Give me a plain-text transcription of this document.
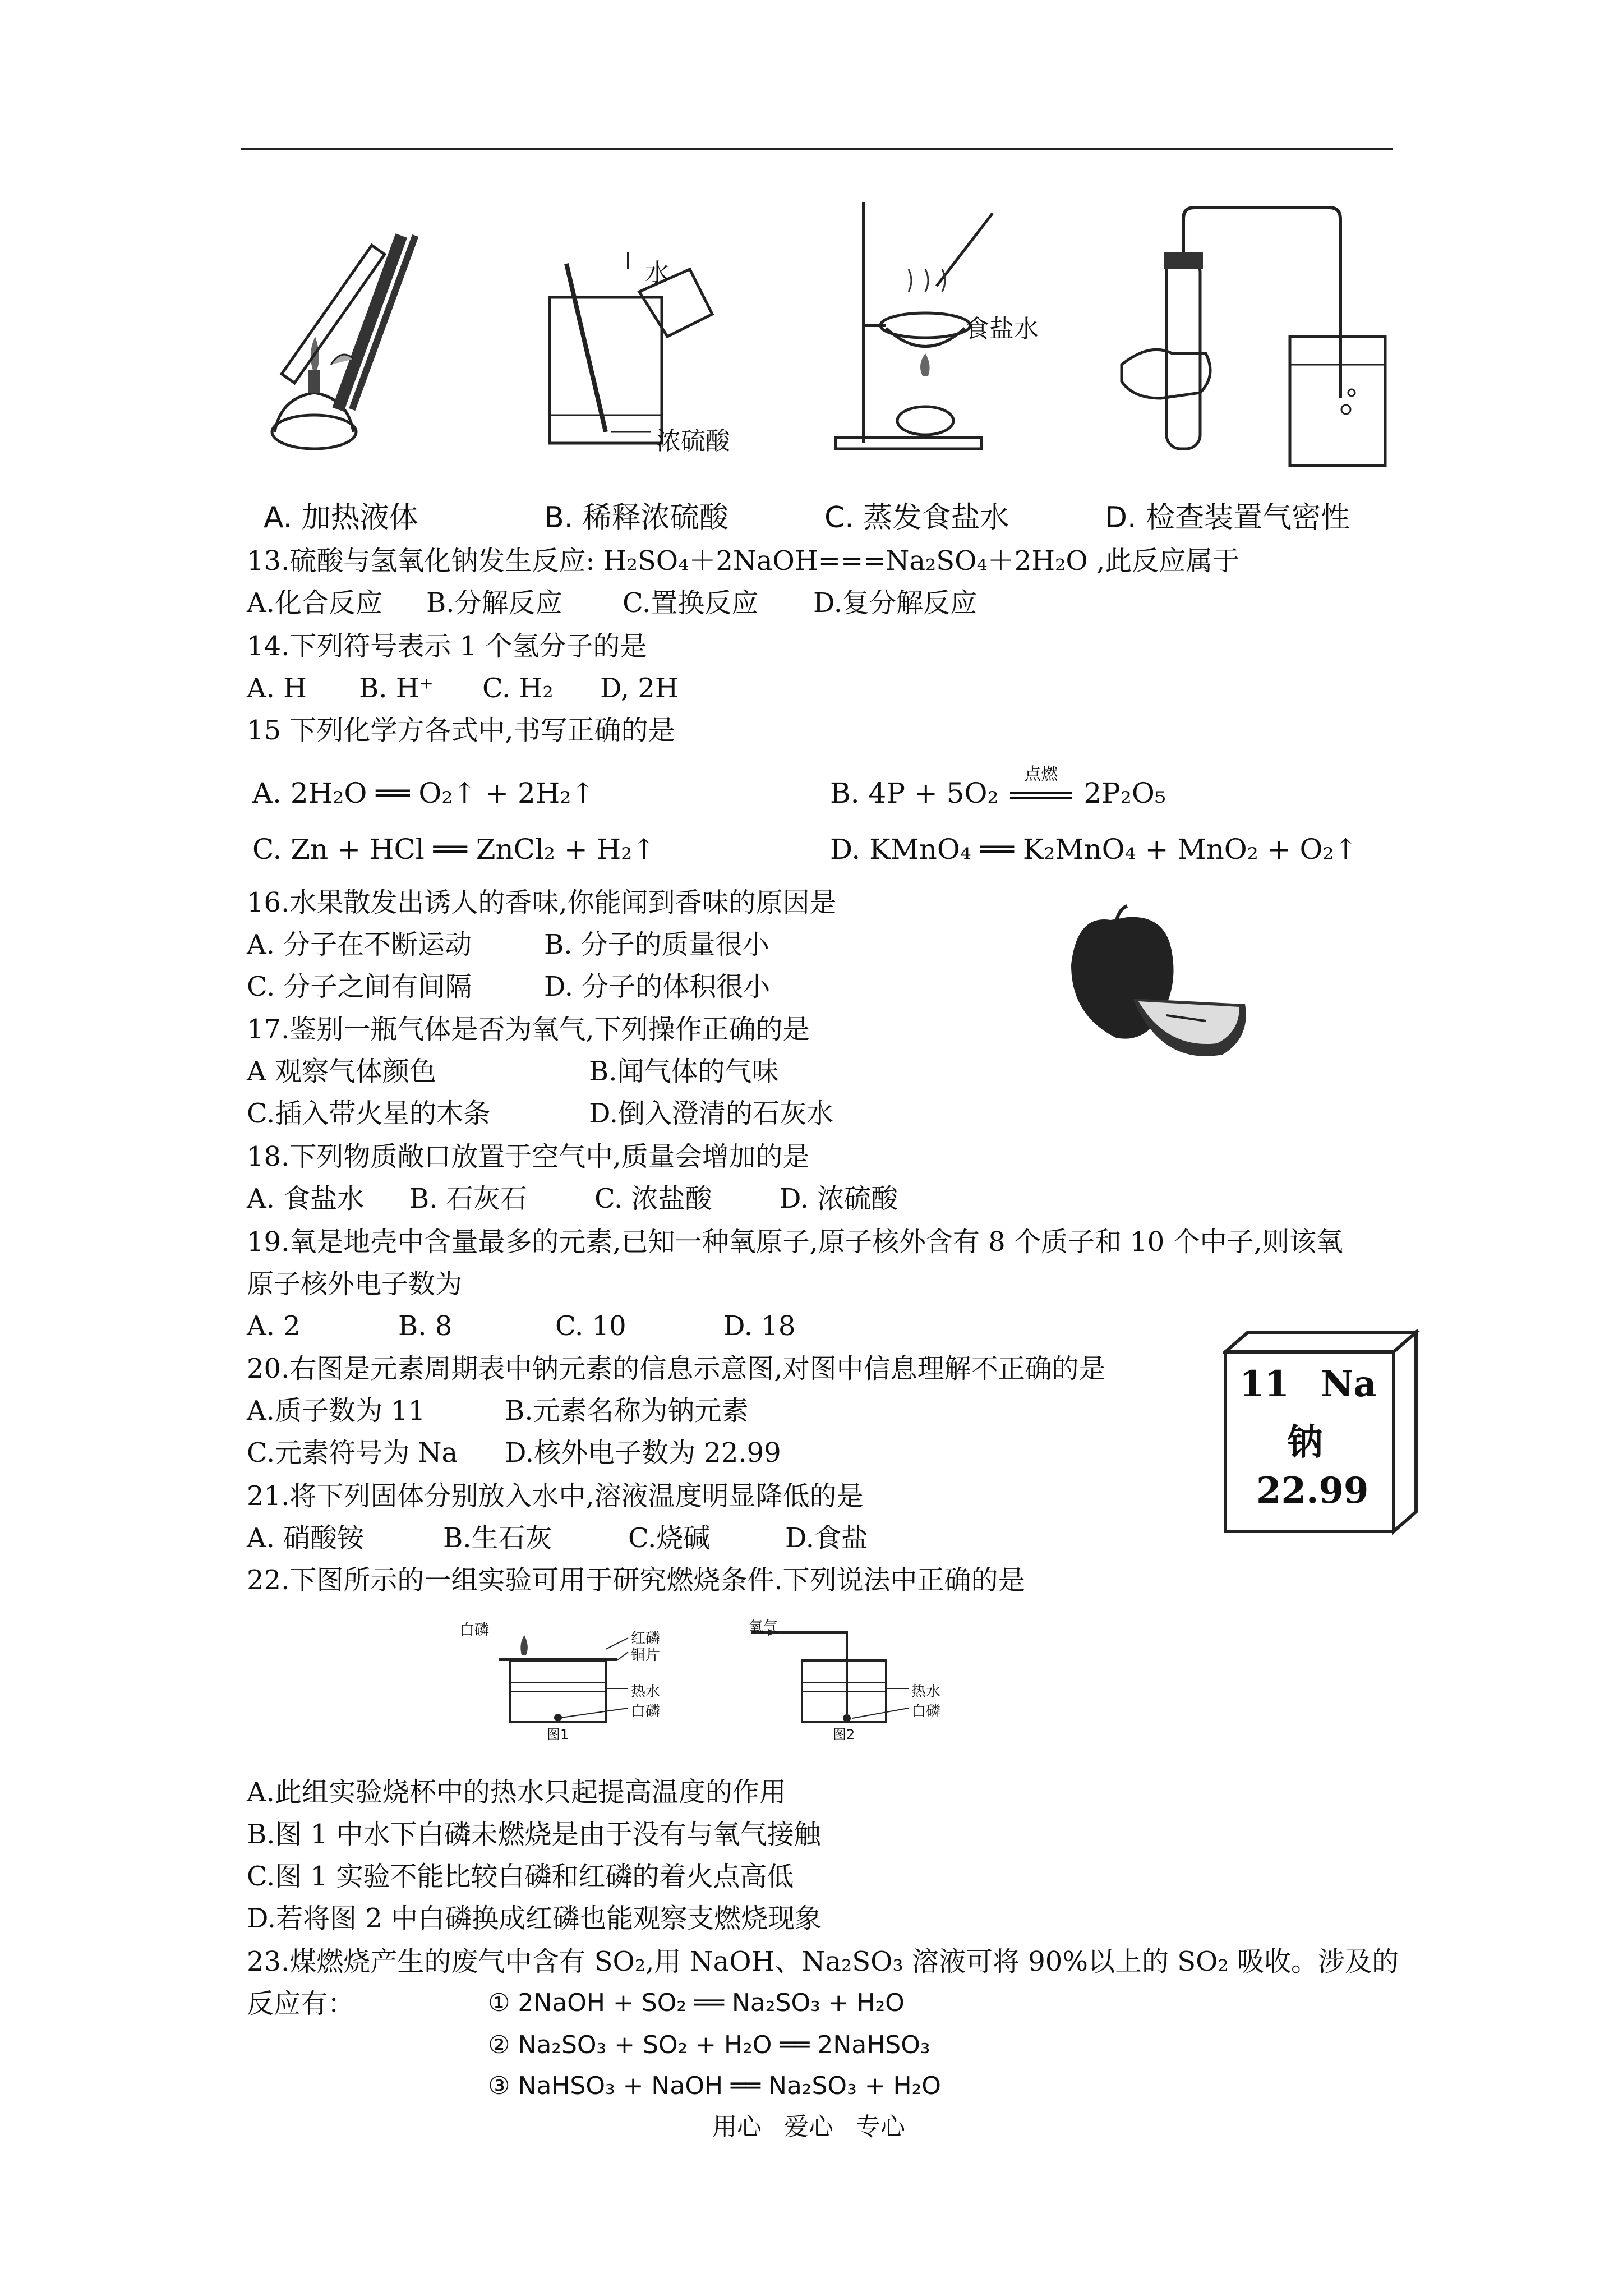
A. 加热液体
水
浓硫酸
B. 稀释浓硫酸
食盐水
C. 蒸发食盐水	D. 检查装置气密性
13.硫酸与氢氧化钠发生反应: H₂SO₄＋2NaOH===Na₂SO₄＋2H₂O ,此反应属于
A.化合反应 B.分解反应 C.置换反应 D.复分解反应
14.下列符号表示 1 个氢分子的是
A. H B. H⁺ C. H₂ D, 2H
15 下列化学方各式中,书写正确的是
A. 2H₂O ══ O₂↑ + 2H₂↑	B. 4P + 5O₂
点燃
2P₂O₅
C. Zn + HCl ══ ZnCl₂ + H₂↑	D. KMnO₄ ══ K₂MnO₄ + MnO₂ + O₂↑
16.水果散发出诱人的香味,你能闻到香味的原因是
A. 分子在不断运动	B. 分子的质量很小
C. 分子之间有间隔	D. 分子的体积很小
17.鉴别一瓶气体是否为氧气,下列操作正确的是
A 观察气体颜色	B.闻气体的气味
C.插入带火星的木条	D.倒入澄清的石灰水
18.下列物质敞口放置于空气中,质量会增加的是
A. 食盐水 B. 石灰石	C. 浓盐酸	D. 浓硫酸
19.氧是地壳中含量最多的元素,已知一种氧原子,原子核外含有 8 个质子和 10 个中子,则该氧
原子核外电子数为
A. 2	B. 8	C. 10	D. 18
20.右图是元素周期表中钠元素的信息示意图,对图中信息理解不正确的是
A.质子数为 11	B.元素名称为钠元素
C.元素符号为 Na D.核外电子数为 22.99
11 Na
钠
22.99
21.将下列固体分别放入水中,溶液温度明显降低的是
A. 硝酸铵	B.生石灰	C.烧碱	D.食盐
22.下图所示的一组实验可用于研究燃烧条件.下列说法中正确的是
白磷	红磷
铜片
热水
白磷
图1
氧气
热水
白磷
图2
A.此组实验烧杯中的热水只起提高温度的作用
B.图 1 中水下白磷未燃烧是由于没有与氧气接触
C.图 1 实验不能比较白磷和红磷的着火点高低
D.若将图 2 中白磷换成红磷也能观察支燃烧现象
23.煤燃烧产生的废气中含有 SO₂,用 NaOH、Na₂SO₃ 溶液可将 90%以上的 SO₂ 吸收。涉及的
反应有：	① 2NaOH + SO₂ ══ Na₂SO₃ + H₂O
② Na₂SO₃ + SO₂ + H₂O ══ 2NaHSO₃
③ NaHSO₃ + NaOH ══ Na₂SO₃ + H₂O
用心 爱心 专心
